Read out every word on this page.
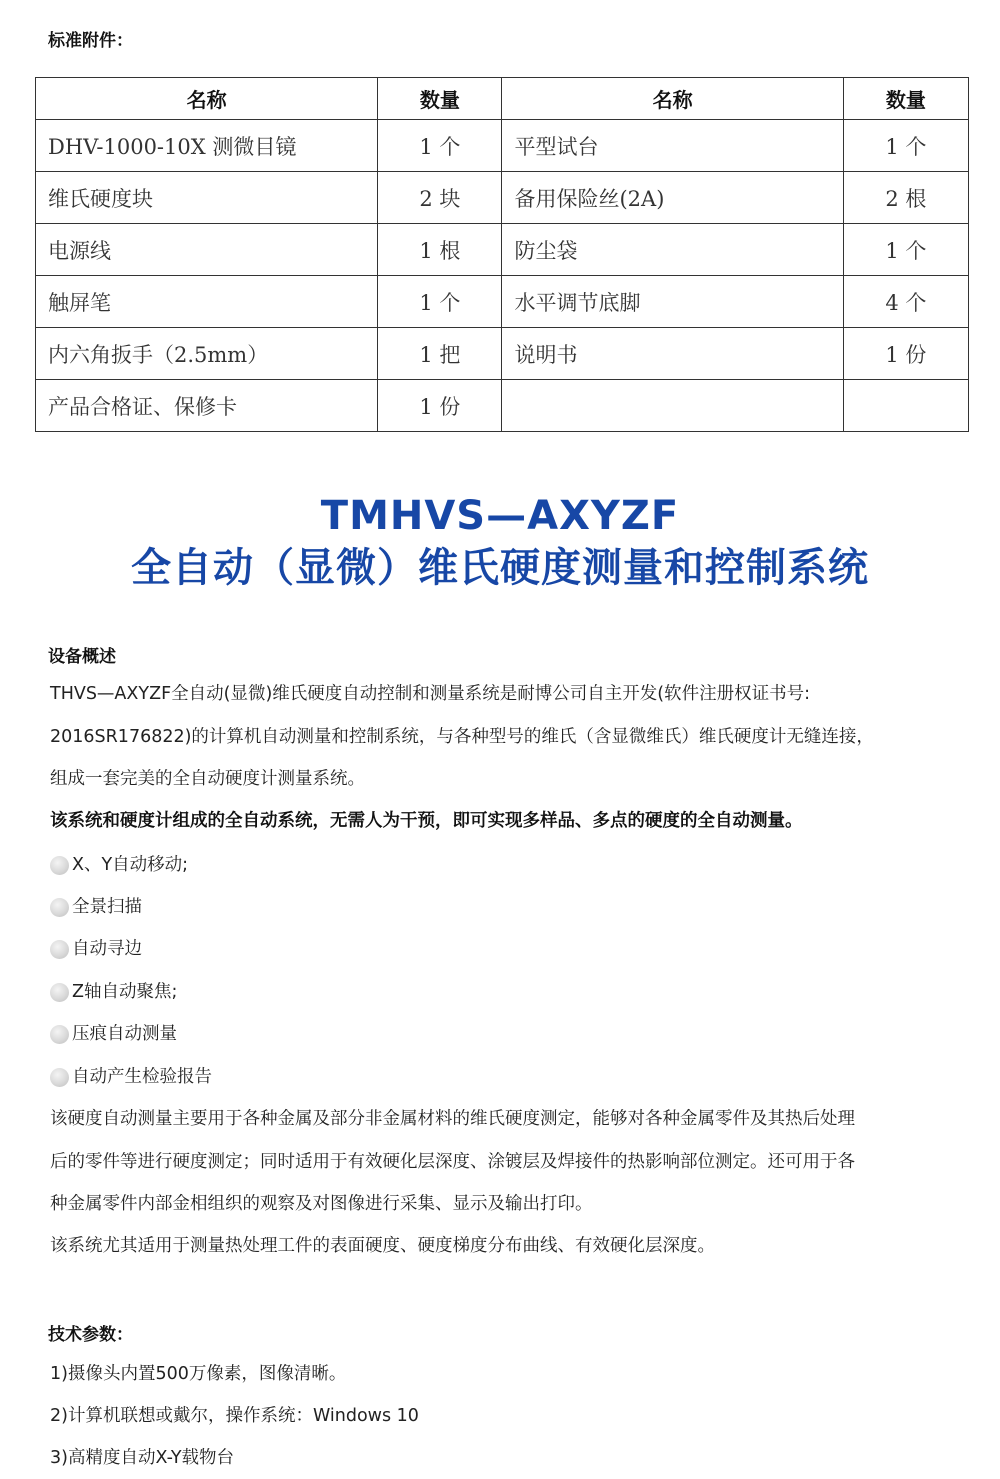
标准附件：
名称	数量	名称	数量
DHV-1000-10X 测微目镜	1 个	平型试台	1 个
维氏硬度块	2 块	备用保险丝(2A)	2 根
电源线	1 根	防尘袋	1 个
触屏笔	1 个	水平调节底脚	4 个
内六角扳手（2.5mm）	1 把	说明书	1 份
产品合格证、保修卡	1 份		
TMHVS—AXYZF
全自动（显微）维氏硬度测量和控制系统
设备概述
THVS—AXYZF全自动(显微)维氏硬度自动控制和测量系统是耐博公司自主开发(软件注册权证书号:
2016SR176822)的计算机自动测量和控制系统，与各种型号的维氏（含显微维氏）维氏硬度计无缝连接，
组成一套完美的全自动硬度计测量系统。
该系统和硬度计组成的全自动系统，无需人为干预，即可实现多样品、多点的硬度的全自动测量。
X、Y自动移动;
全景扫描
自动寻边
Z轴自动聚焦;
压痕自动测量
自动产生检验报告
该硬度自动测量主要用于各种金属及部分非金属材料的维氏硬度测定，能够对各种金属零件及其热后处理
后的零件等进行硬度测定；同时适用于有效硬化层深度、涂镀层及焊接件的热影响部位测定。还可用于各
种金属零件内部金相组织的观察及对图像进行采集、显示及输出打印。
该系统尤其适用于测量热处理工件的表面硬度、硬度梯度分布曲线、有效硬化层深度。
技术参数：
1)摄像头内置500万像素，图像清晰。
2)计算机联想或戴尔，操作系统：Windows 10
3)高精度自动X-Y载物台
